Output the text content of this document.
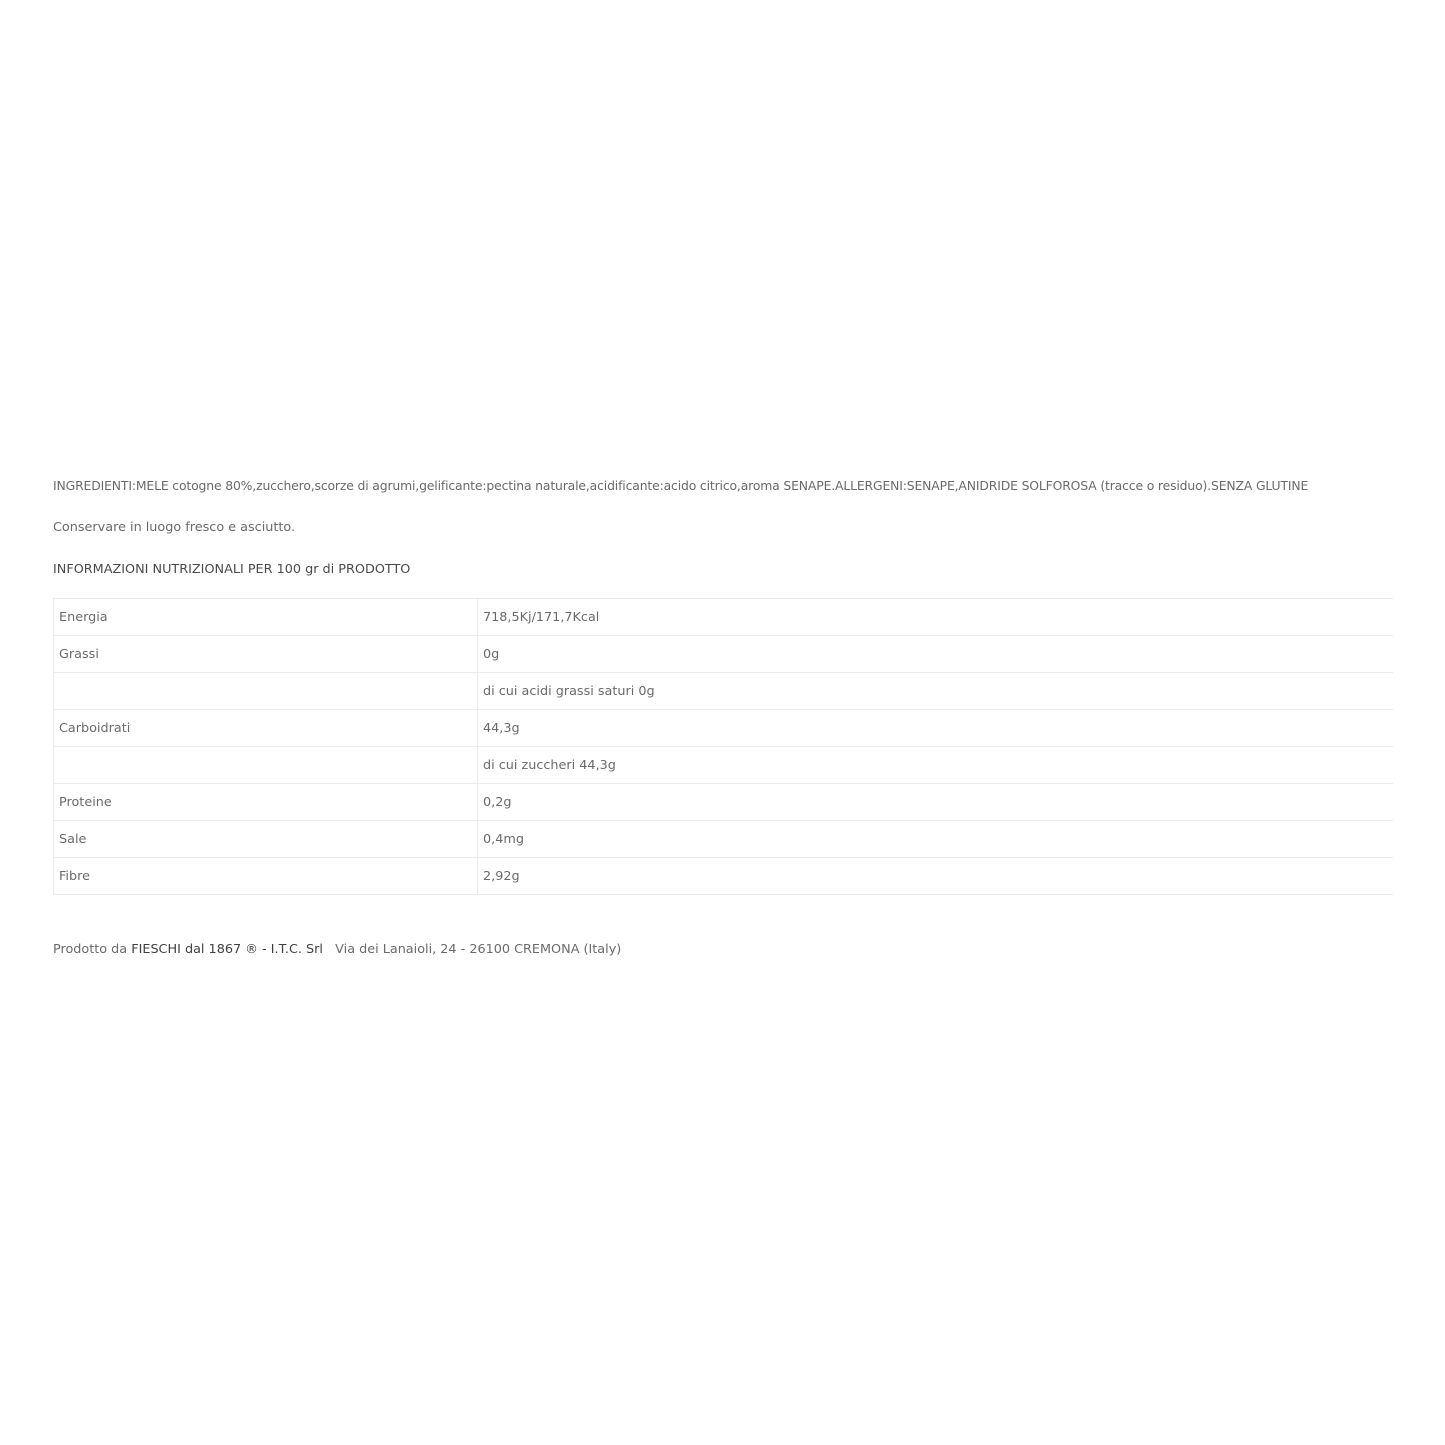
INGREDIENTI:MELE cotogne 80%,zucchero,scorze di agrumi,gelificante:pectina naturale,acidificante:acido citrico,aroma SENAPE.ALLERGENI:SENAPE,ANIDRIDE SOLFOROSA (tracce o residuo).SENZA GLUTINE

Conservare in luogo fresco e asciutto.

INFORMAZIONI NUTRIZIONALI PER 100 gr di PRODOTTO

Energia	718,5Kj/171,7Kcal
Grassi	0g
	di cui acidi grassi saturi 0g
Carboidrati	44,3g
	di cui zuccheri 44,3g
Proteine	0,2g
Sale	0,4mg
Fibre	2,92g

Prodotto da FIESCHI dal 1867 ® - I.T.C. Srl Via dei Lanaioli, 24 - 26100 CREMONA (Italy)
